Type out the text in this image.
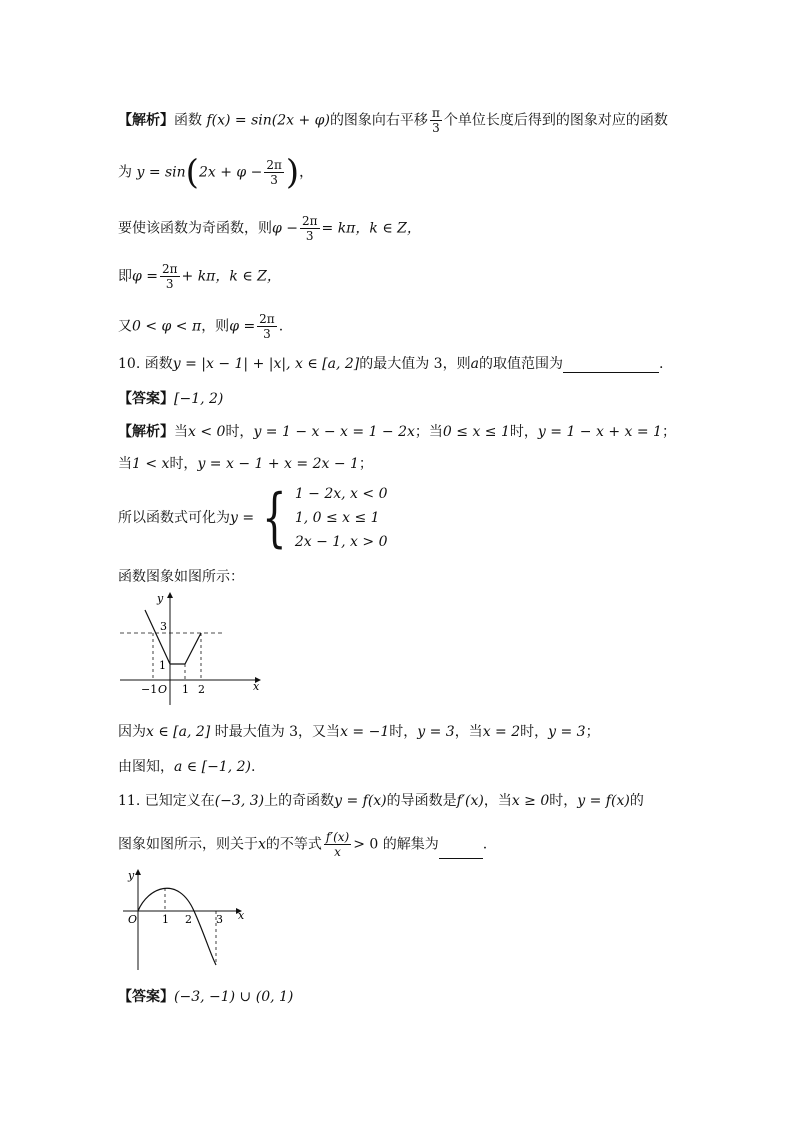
【解析】函数 f(x) = sin(2x + φ)的图象向右平移 $\frac{\pi}{3}$ 个单位长度后得到的图象对应的函数
为 $y = \sin(2x + \varphi - \frac{2\pi}{3}$ )，
要使该函数为奇函数，则$\varphi - \frac{2\pi}{3} = k\pi$，k ∈ Z，
即$\varphi = \frac{2\pi}{3} + k\pi$，k ∈ Z，
又0 < φ < π，则$\varphi = \frac{2\pi}{3}$ .
10. 函数y = |x − 1| + |x|, x ∈ [a, 2]的最大值为 3，则a的取值范围为	.
【答案】[−1, 2)
【解析】当x < 0时，y = 1 − x − x = 1 − 2x；当0 ≤ x ≤ 1时，y = 1 − x + x = 1；
当1 < x时，y = x − 1 + x = 2x − 1；
所以函数式可化为y = { 1 − 2x, x < 0
1, 0 ≤ x ≤ 1
2x − 1, x > 0
函数图象如图所示：
y
x
3
1
−1 O 1 2
因为x ∈ [a, 2] 时最大值为 3，又当x = −1时，y = 3，当x = 2时，y = 3；
由图知，a ∈ [−1, 2).
11. 已知定义在(−3, 3)上的奇函数y = f(x)的导函数是f′(x)，当x ≥ 0时，y = f(x)的
图象如图所示，则关于x的不等式 $\frac{f'(x)}{x} > 0$ 的解集为	.
y
x
O 1 2 3
【答案】(−3, −1) ∪ (0, 1)
